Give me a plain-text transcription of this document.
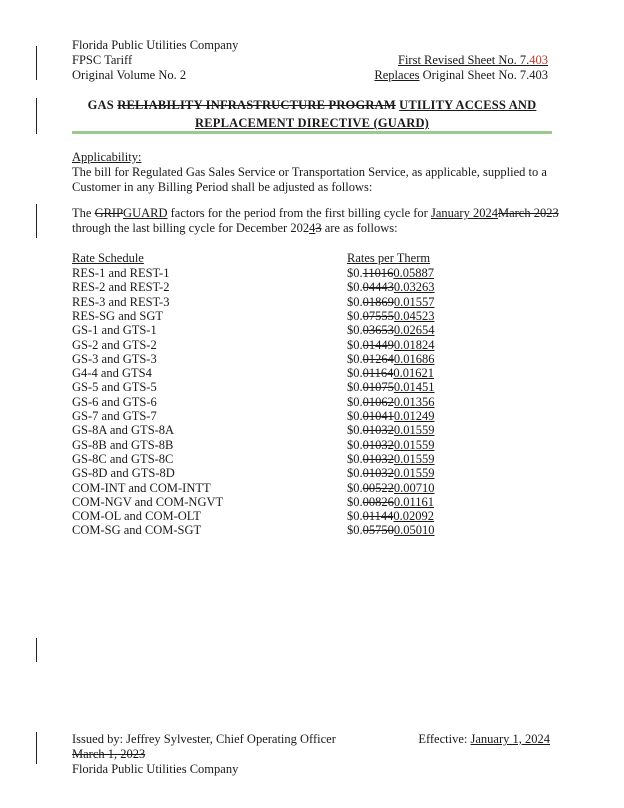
Florida Public Utilities Company
FPSC Tariff
Original Volume No. 2
First Revised Sheet No. 7.403
Replaces Original Sheet No. 7.403
GAS RELIABILITY INFRASTRUCTURE PROGRAM UTILITY ACCESS AND
REPLACEMENT DIRECTIVE (GUARD)
Applicability:
The bill for Regulated Gas Sales Service or Transportation Service, as applicable, supplied to a
Customer in any Billing Period shall be adjusted as follows:
The GRIPGUARD factors for the period from the first billing cycle for January 2024March 2023
through the last billing cycle for December 20243 are as follows:
Rate Schedule	Rates per Therm
RES-1 and REST-1	$0.110160.05887
RES-2 and REST-2	$0.044430.03263
RES-3 and REST-3	$0.018690.01557
RES-SG and SGT	$0.075550.04523
GS-1 and GTS-1	$0.036530.02654
GS-2 and GTS-2	$0.014490.01824
GS-3 and GTS-3	$0.012640.01686
G4-4 and GTS4	$0.011640.01621
GS-5 and GTS-5	$0.010750.01451
GS-6 and GTS-6	$0.010620.01356
GS-7 and GTS-7	$0.010410.01249
GS-8A and GTS-8A	$0.010320.01559
GS-8B and GTS-8B	$0.010320.01559
GS-8C and GTS-8C	$0.010320.01559
GS-8D and GTS-8D	$0.010320.01559
COM-INT and COM-INTT	$0.005220.00710
COM-NGV and COM-NGVT	$0.008260.01161
COM-OL and COM-OLT	$0.011440.02092
COM-SG and COM-SGT	$0.057500.05010
Issued by: Jeffrey Sylvester, Chief Operating Officer
March 1, 2023
Florida Public Utilities Company
Effective: January 1, 2024
